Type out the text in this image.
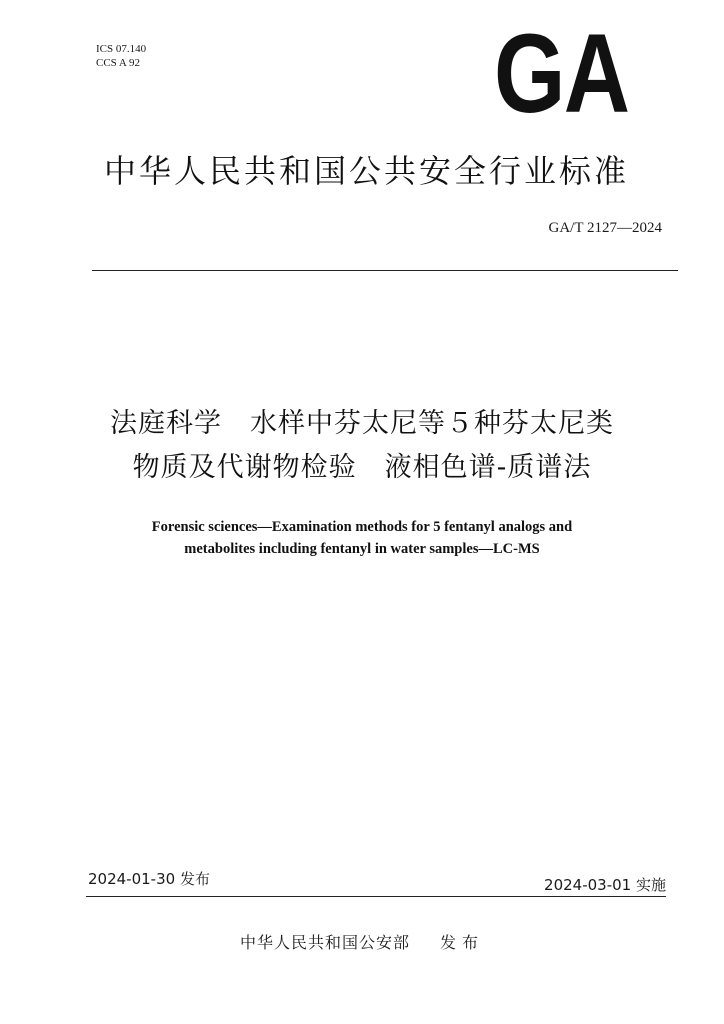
ICS 07.140
CCS A 92	GA
中华人民共和国公共安全行业标准
GA/T 2127—2024
法庭科学　水样中芬太尼等５种芬太尼类
物质及代谢物检验　液相色谱-质谱法
Forensic sciences—Examination methods for 5 fentanyl analogs and
metabolites including fentanyl in water samples—LC-MS
2024-01-30 发布	2024-03-01 实施
中华人民共和国公安部 发布
